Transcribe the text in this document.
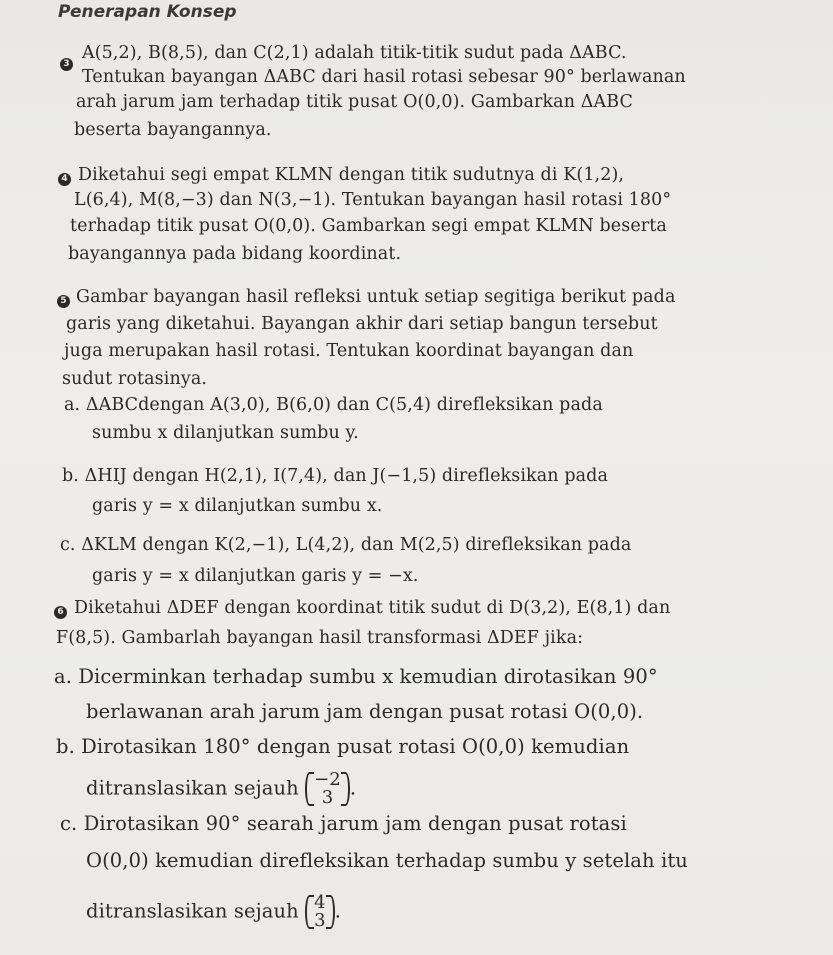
Penerapan Konsep
3
A(5,2), B(8,5), dan C(2,1) adalah titik-titik sudut pada ΔABC.
Tentukan bayangan ΔABC dari hasil rotasi sebesar 90° berlawanan
arah jarum jam terhadap titik pusat O(0,0). Gambarkan ΔABC
beserta bayangannya.
4 Diketahui segi empat KLMN dengan titik sudutnya di K(1,2),
L(6,4), M(8,−3) dan N(3,−1). Tentukan bayangan hasil rotasi 180°
terhadap titik pusat O(0,0). Gambarkan segi empat KLMN beserta
bayangannya pada bidang koordinat.
5 Gambar bayangan hasil refleksi untuk setiap segitiga berikut pada
garis yang diketahui. Bayangan akhir dari setiap bangun tersebut
juga merupakan hasil rotasi. Tentukan koordinat bayangan dan
sudut rotasinya.
a. ΔABCdengan A(3,0), B(6,0) dan C(5,4) direfleksikan pada
sumbu x dilanjutkan sumbu y.
b. ΔHIJ dengan H(2,1), I(7,4), dan J(−1,5) direfleksikan pada
garis y = x dilanjutkan sumbu x.
c. ΔKLM dengan K(2,−1), L(4,2), dan M(2,5) direfleksikan pada
garis y = x dilanjutkan garis y = −x.
6 Diketahui ΔDEF dengan koordinat titik sudut di D(3,2), E(8,1) dan
F(8,5). Gambarlah bayangan hasil transformasi ΔDEF jika:
a. Dicerminkan terhadap sumbu x kemudian dirotasikan 90°
berlawanan arah jarum jam dengan pusat rotasi O(0,0).
b. Dirotasikan 180° dengan pusat rotasi O(0,0) kemudian
ditranslasikan sejauh −2
3 .
c. Dirotasikan 90° searah jarum jam dengan pusat rotasi
O(0,0) kemudian direfleksikan terhadap sumbu y setelah itu
ditranslasikan sejauh 4
3 .
